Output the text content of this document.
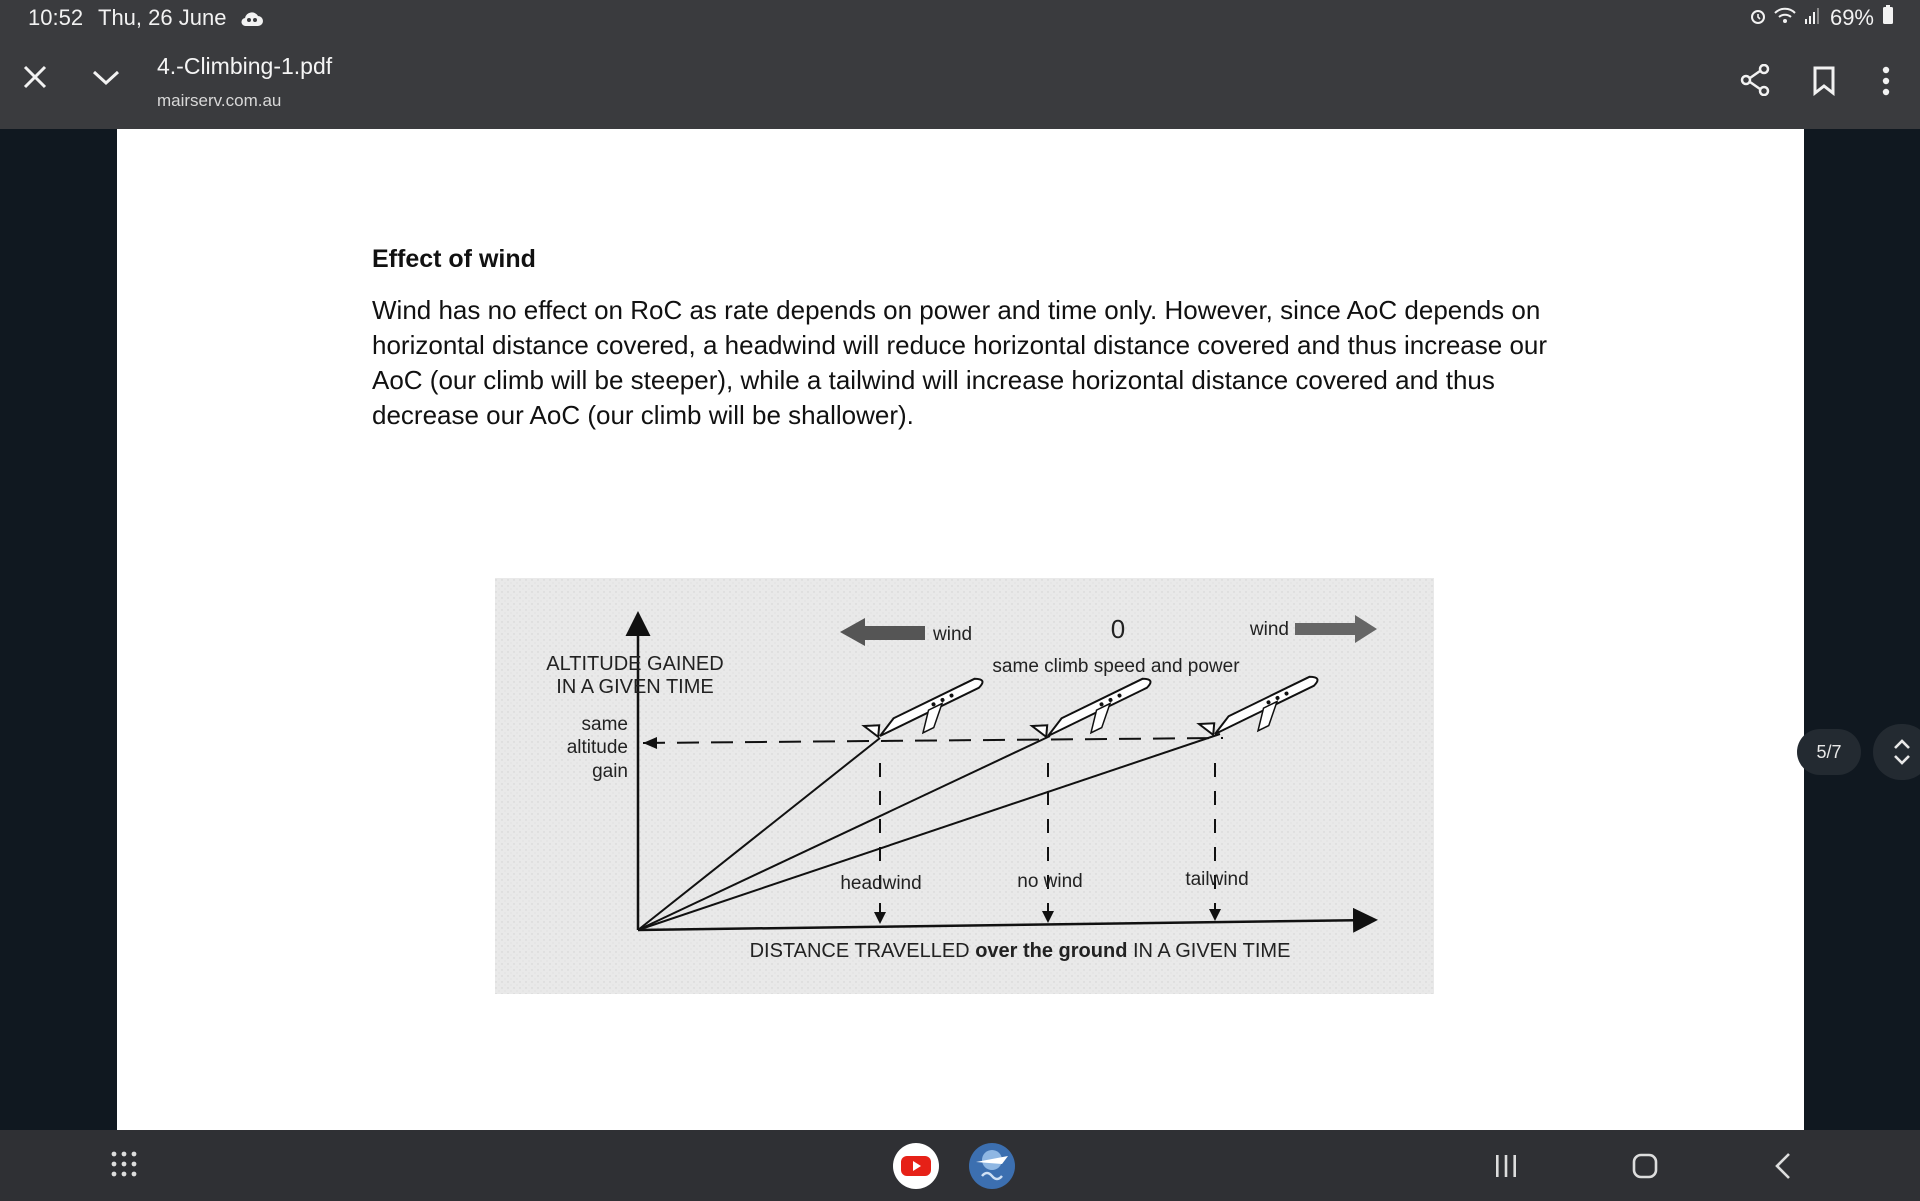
10:52 Thu, 26 June	69%
4.-Climbing-1.pdf
mairserv.com.au
Effect of wind
Wind has no effect on RoC as rate depends on power and time only. However, since AoC depends on horizontal distance covered, a headwind will reduce horizontal distance covered and thus increase our AoC (our climb will be steeper), while a tailwind will increase horizontal distance covered and thus decrease our AoC (our climb will be shallower).
ALTITUDE GAINED
IN A GIVEN TIME
same
altitude
gain
wind	0	wind
same climb speed and power
headwind	no wind	tailwind
DISTANCE TRAVELLED over the ground IN A GIVEN TIME
5/7
